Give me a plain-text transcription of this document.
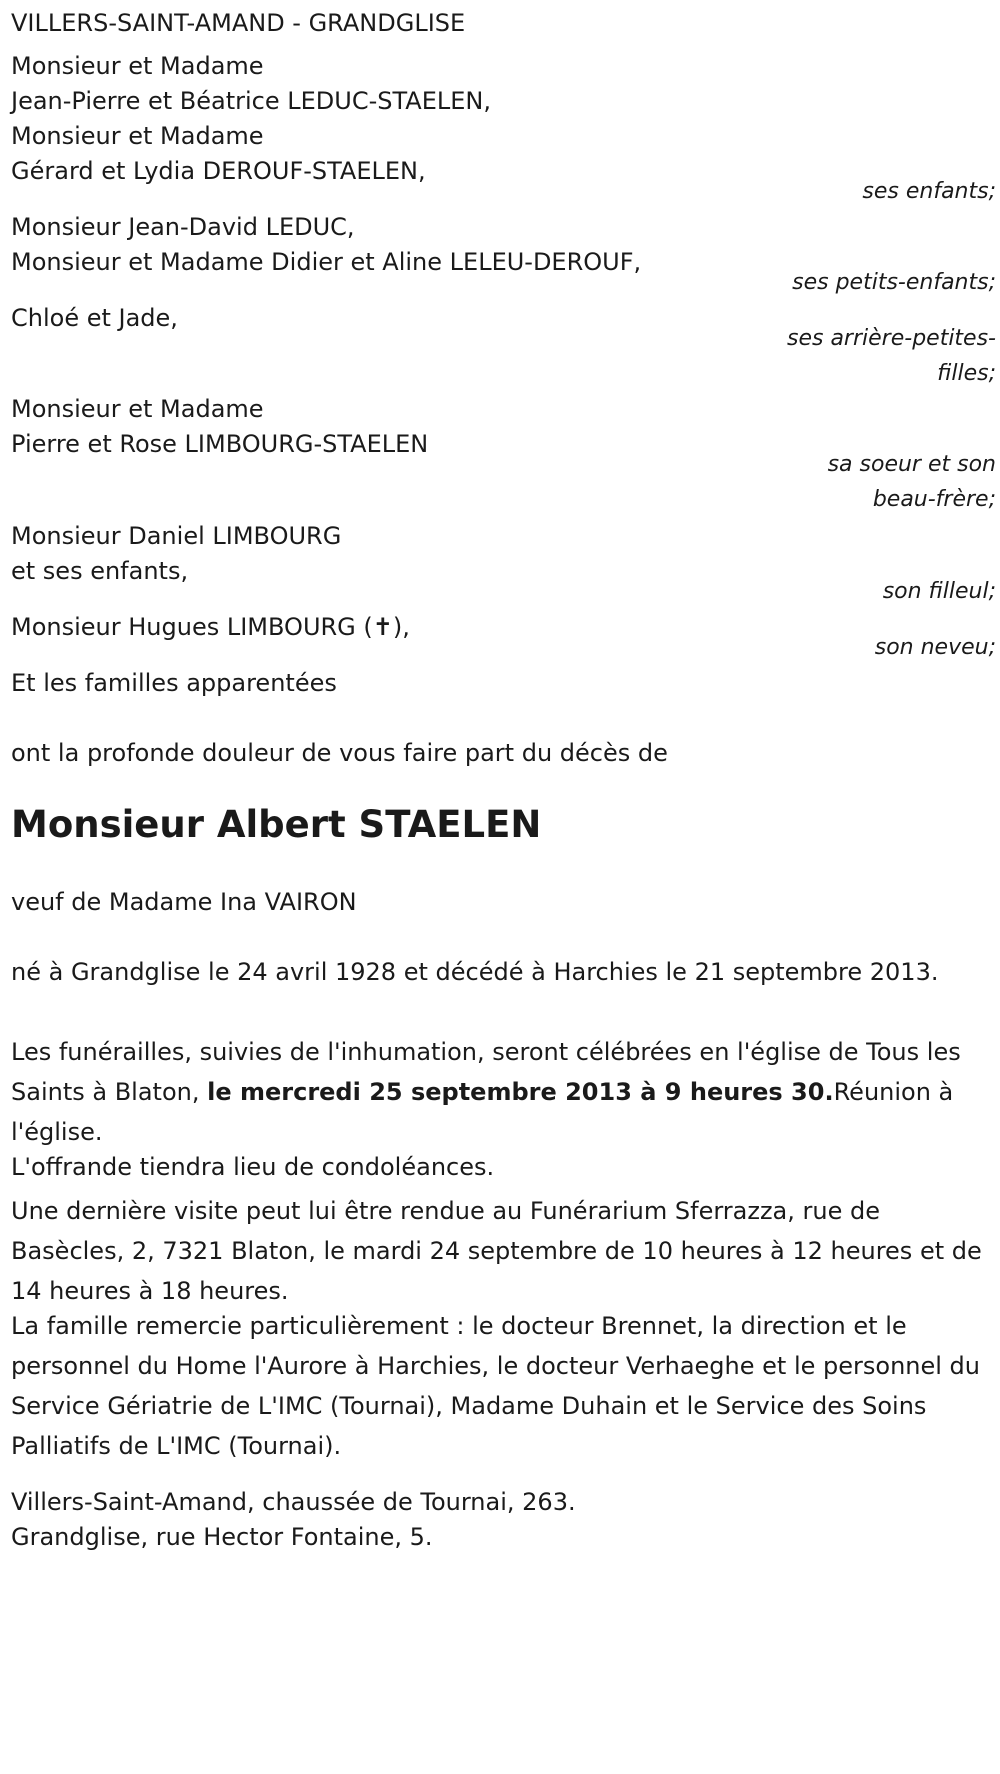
VILLERS-SAINT-AMAND - GRANDGLISE
Monsieur et Madame
Jean-Pierre et Béatrice LEDUC-STAELEN,
Monsieur et Madame
Gérard et Lydia DEROUF-STAELEN,
ses enfants;
Monsieur Jean-David LEDUC,
Monsieur et Madame Didier et Aline LELEU-DEROUF,
ses petits-enfants;
Chloé et Jade,
ses arrière-petites-
filles;
Monsieur et Madame
Pierre et Rose LIMBOURG-STAELEN
sa soeur et son
beau-frère;
Monsieur Daniel LIMBOURG
et ses enfants,
son filleul;
Monsieur Hugues LIMBOURG (✝),
son neveu;
Et les familles apparentées
ont la profonde douleur de vous faire part du décès de
Monsieur Albert STAELEN
veuf de Madame Ina VAIRON
né à Grandglise le 24 avril 1928 et décédé à Harchies le 21 septembre 2013.
Les funérailles, suivies de l'inhumation, seront célébrées en l'église de Tous les Saints à Blaton, le mercredi 25 septembre 2013 à 9 heures 30.Réunion à l'église.
L'offrande tiendra lieu de condoléances.
Une dernière visite peut lui être rendue au Funérarium Sferrazza, rue de Basècles, 2, 7321 Blaton, le mardi 24 septembre de 10 heures à 12 heures et de 14 heures à 18 heures.
La famille remercie particulièrement : le docteur Brennet, la direction et le personnel du Home l'Aurore à Harchies, le docteur Verhaeghe et le personnel du Service Gériatrie de L'IMC (Tournai), Madame Duhain et le Service des Soins Palliatifs de L'IMC (Tournai).
Villers-Saint-Amand, chaussée de Tournai, 263.
Grandglise, rue Hector Fontaine, 5.
